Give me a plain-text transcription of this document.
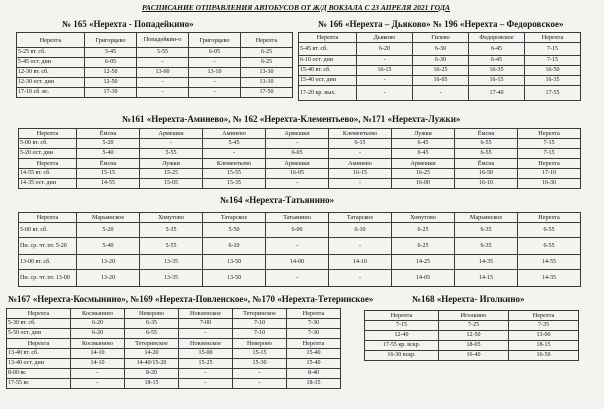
РАСПИСАНИЕ ОТПРАВЛЕНИЯ АВТОБУСОВ ОТ Ж/Д ВОКЗАЛА С 23 АПРЕЛЯ 2021 ГОДА
№ 165 «Нерехта - Попадейкино»	№ 166 «Нерехта – Дьяково» № 196 «Нерехта – Федоровское»
№161 «Нерехта-Аминево», № 162 «Нерехта-Клементьево», №171 «Нерехта-Лужки»
№164 «Нерехта-Татьянино»
№167 «Нерехта-Космынино», №169 «Нерехта-Повленское», №170 «Нерехта-Тетеринское»	№168 «Нерехта- Иголкино»
Нерехта	Григорцево	Попадейкин-о	Григорцево	Нерехта
5-25 вт. сб.	5-45	5-55	6-05	6-25
5-45 ост. дни	6-05	-	-	6-25
12-30 вт. сб.	12-50	13-00	13-10	13-30
12-30 ост. дни	12-50	-	-	13-10
17-10 сб. вс.	17-30	-	-	17-50
Нерехта	Дьяково	Гилево	Федоровское	Нерехта
5-45 вт. сб.	6-20	6-30	6-45	7-15
6-10 ост. дни	-	6-30	6-45	7-15
15-40 вт. сб.	16-15	16-25	16-35	16-50
15-40 ост. дни	-	16-05	16-15	16-35
17-20 кр. вых.	-	-	17-40	17-55
Нерехта	Ёмсна	Армешки	Аминево	Армешки	Клементьево	Лужки	Ёмсна	Нерехта
5-00 вт. сб.	5-20	-	5-45	-	6-15	6-45	6-55	7-15
5-20 ост. дни	5-40	5-55	-	6-05	-	6-45	6-55	7-15
Нерехта	Ёмсна	Лужки	Клементьево	Армешки	Аминево	Армешки	Ёмсна	Нерехта
14-55 вт. сб.	15-15	15-25	15-55	16-05	16-15	16-25	16-50	17-10
14-35 ост. дни	14-55	15-05	15-35	-	-	16-00	16-10	16-30
Нерехта	Марьинское	Хомутово	Татарское	Татьянино	Татарское	Хомутово	Марьинское	Нерехта
5-00 вт. сб.	5-20	5-35	5-50	6-00	6-10	6-25	6-35	6-55
Пн. ср. чт. пт. 5-20	5-40	5-55	6-10	-	-	6-25	6-35	6-55
13-00 вт. сб.	13-20	13-35	13-50	14-00	14-10	14-25	14-35	14-55
Пн. ср. чт. пт. 13-00	13-20	13-35	13-50	-	-	14-05	14-15	14-35
Нерехта	Космынино	Неверово	Новленское	Тетеринское	Нерехта
5-30 вт. сб.	6-20	6-35	7-00	7-10	7-30
5-50 ост. дни	6-20	6-55	-	7-10	7-30
Нерехта	Космынино	Тетеринское	Новленское	Неверово	Нерехта
13-40 вт. сб.	14-10	14-20	15-00	15-15	15-40
13-40 ост. дни	14-10	14-40/15-20	15-25	15-30	15-40
8-00 вс	-	8-20	-	-	8-40
17-55 вс	-	18-15	-	-	18-35
Нерехта	Иголкино	Нерехта
7-15	7-25	7-35
12-40	12-50	13-00
17-55 кр. вскр.	18-05	18-15
16-30 вскр.	16-40	16-50
